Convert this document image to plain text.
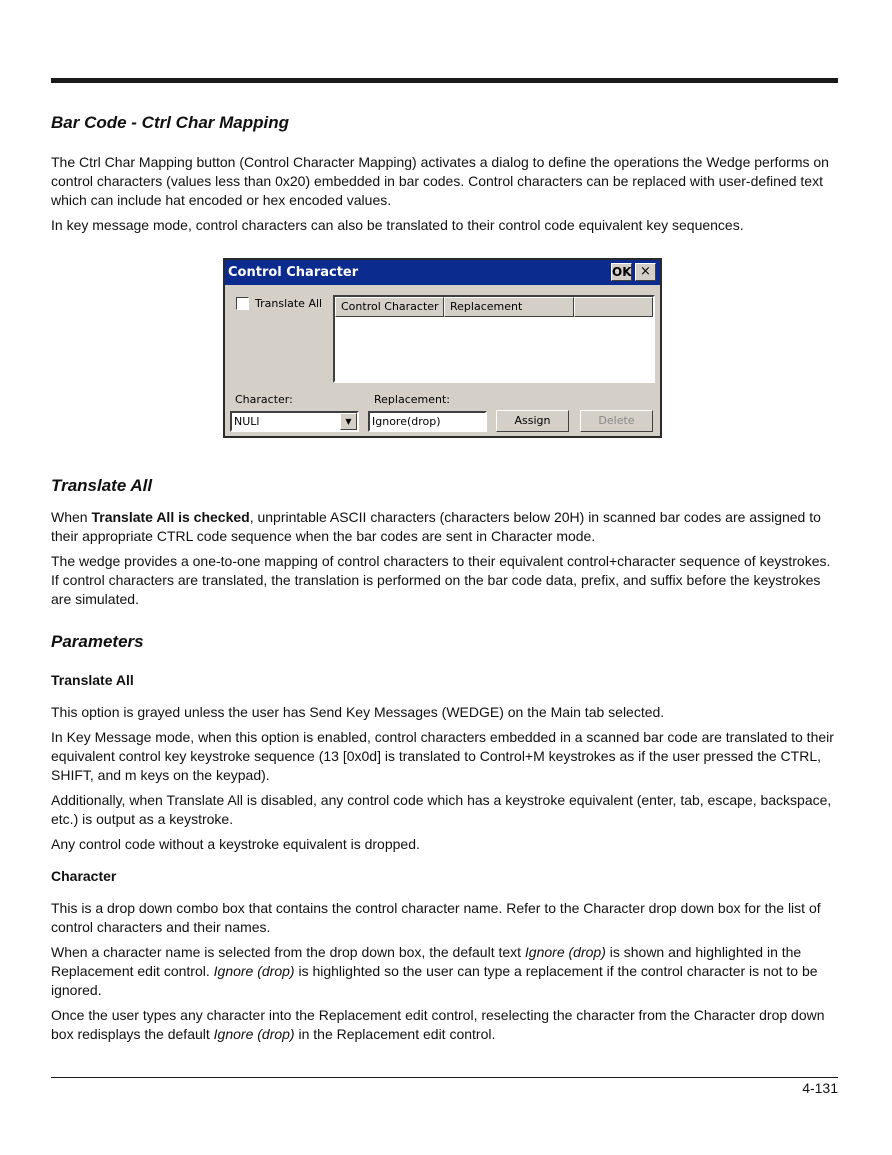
Bar Code - Ctrl Char Mapping

The Ctrl Char Mapping button (Control Character Mapping) activates a dialog to define the operations the Wedge performs on control characters (values less than 0x20) embedded in bar codes. Control characters can be replaced with user-defined text which can include hat encoded or hex encoded values.

In key message mode, control characters can also be translated to their control code equivalent key sequences.

Control Character	OK ×
Translate All	Control Character	Replacement
Character:	Replacement:
NULl	▼	Ignore(drop)	Assign	Delete
Translate All

When Translate All is checked, unprintable ASCII characters (characters below 20H) in scanned bar codes are assigned to their appropriate CTRL code sequence when the bar codes are sent in Character mode.

The wedge provides a one-to-one mapping of control characters to their equivalent control+character sequence of keystrokes. If control characters are translated, the translation is performed on the bar code data, prefix, and suffix before the keystrokes are simulated.

Parameters
Translate All

This option is grayed unless the user has Send Key Messages (WEDGE) on the Main tab selected.

In Key Message mode, when this option is enabled, control characters embedded in a scanned bar code are translated to their equivalent control key keystroke sequence (13 [0x0d] is translated to Control+M keystrokes as if the user pressed the CTRL, SHIFT, and m keys on the keypad).

Additionally, when Translate All is disabled, any control code which has a keystroke equivalent (enter, tab, escape, backspace, etc.) is output as a keystroke.

Any control code without a keystroke equivalent is dropped.

Character

This is a drop down combo box that contains the control character name. Refer to the Character drop down box for the list of control characters and their names.

When a character name is selected from the drop down box, the default text Ignore (drop) is shown and highlighted in the Replacement edit control. Ignore (drop) is highlighted so the user can type a replacement if the control character is not to be ignored.

Once the user types any character into the Replacement edit control, reselecting the character from the Character drop down box redisplays the default Ignore (drop) in the Replacement edit control.

4-131
